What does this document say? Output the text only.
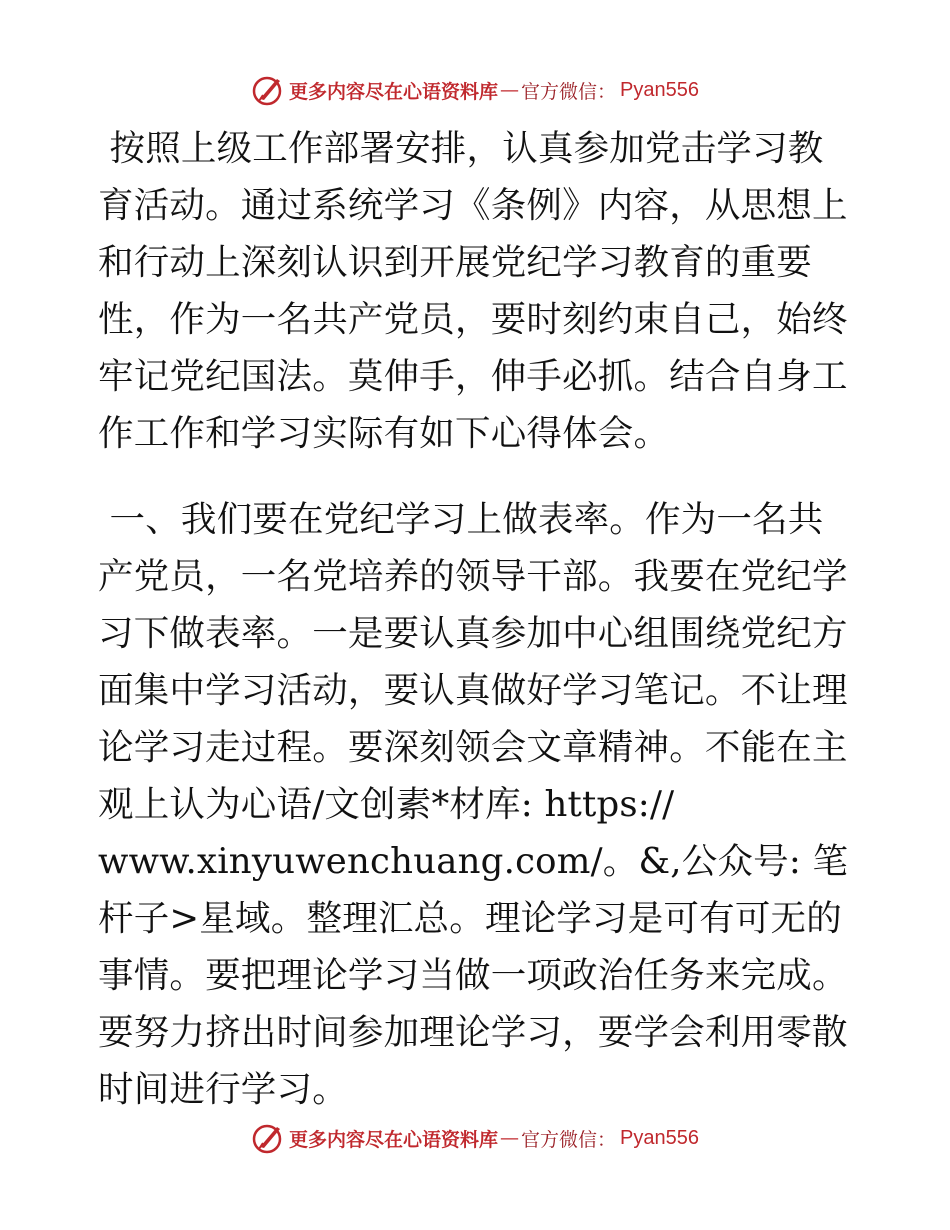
更多内容尽在心语资料库 — 官方微信： Pyan556

按照上级工作部署安排，认真参加党击学习教育活动。通过系统学习《条例》内容，从思想上和行动上深刻认识到开展党纪学习教育的重要性，作为一名共产党员，要时刻约束自己，始终牢记党纪国法。莫伸手，伸手必抓。结合自身工作工作和学习实际有如下心得体会。

一、我们要在党纪学习上做表率。作为一名共产党员，一名党培养的领导干部。我要在党纪学习下做表率。一是要认真参加中心组围绕党纪方面集中学习活动，要认真做好学习笔记。不让理论学习走过程。要深刻领会文章精神。不能在主观上认为心语/文创素*材库: https://
www.xinyuwenchuang.com/。&,公众号: 笔杆子>星域。整理汇总。理论学习是可有可无的事情。要把理论学习当做一项政治任务来完成。要努力挤出时间参加理论学习，要学会利用零散时间进行学习。

更多内容尽在心语资料库 — 官方微信： Pyan556
